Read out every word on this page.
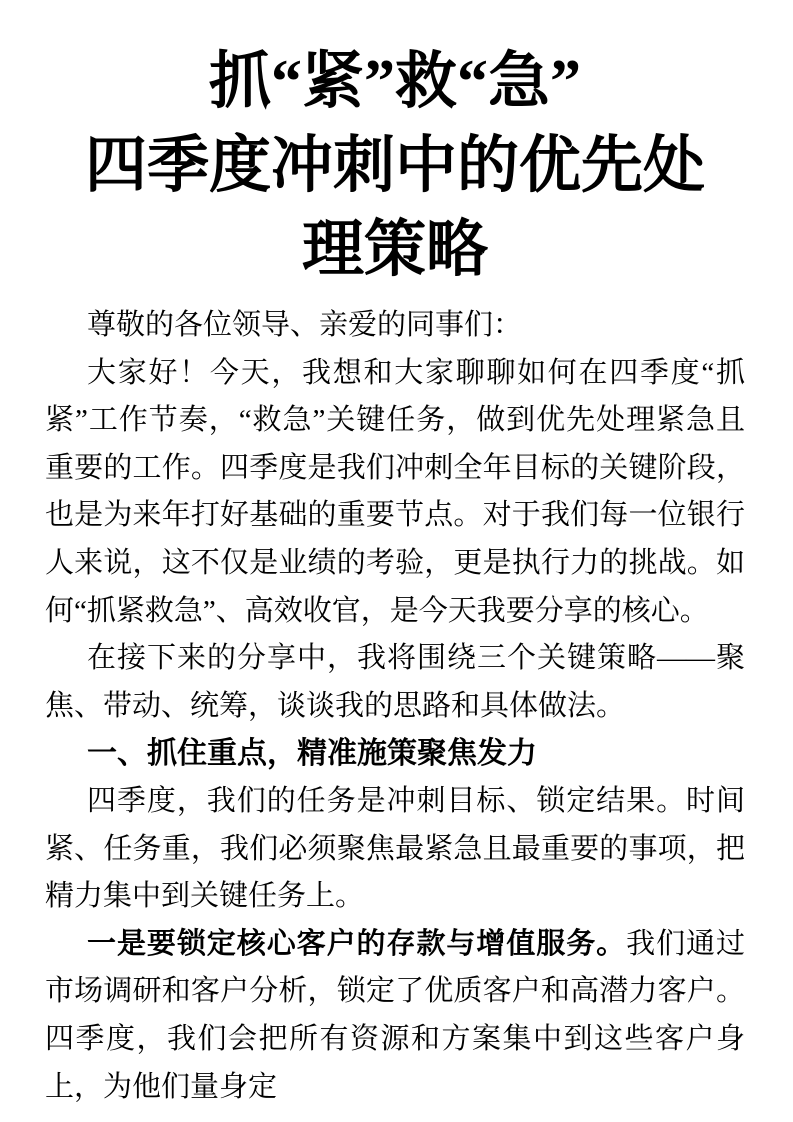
抓“紧”救“急”
四季度冲刺中的优先处理策略

尊敬的各位领导、亲爱的同事们：

大家好！今天，我想和大家聊聊如何在四季度“抓紧”工作节奏，“救急”关键任务，做到优先处理紧急且重要的工作。四季度是我们冲刺全年目标的关键阶段，也是为来年打好基础的重要节点。对于我们每一位银行人来说，这不仅是业绩的考验，更是执行力的挑战。如何“抓紧救急”、高效收官，是今天我要分享的核心。

在接下来的分享中，我将围绕三个关键策略——聚焦、带动、统筹，谈谈我的思路和具体做法。

一、抓住重点，精准施策聚焦发力

四季度，我们的任务是冲刺目标、锁定结果。时间紧、任务重，我们必须聚焦最紧急且最重要的事项，把精力集中到关键任务上。

一是要锁定核心客户的存款与增值服务。我们通过市场调研和客户分析，锁定了优质客户和高潜力客户。四季度，我们会把所有资源和方案集中到这些客户身上，为他们量身定
